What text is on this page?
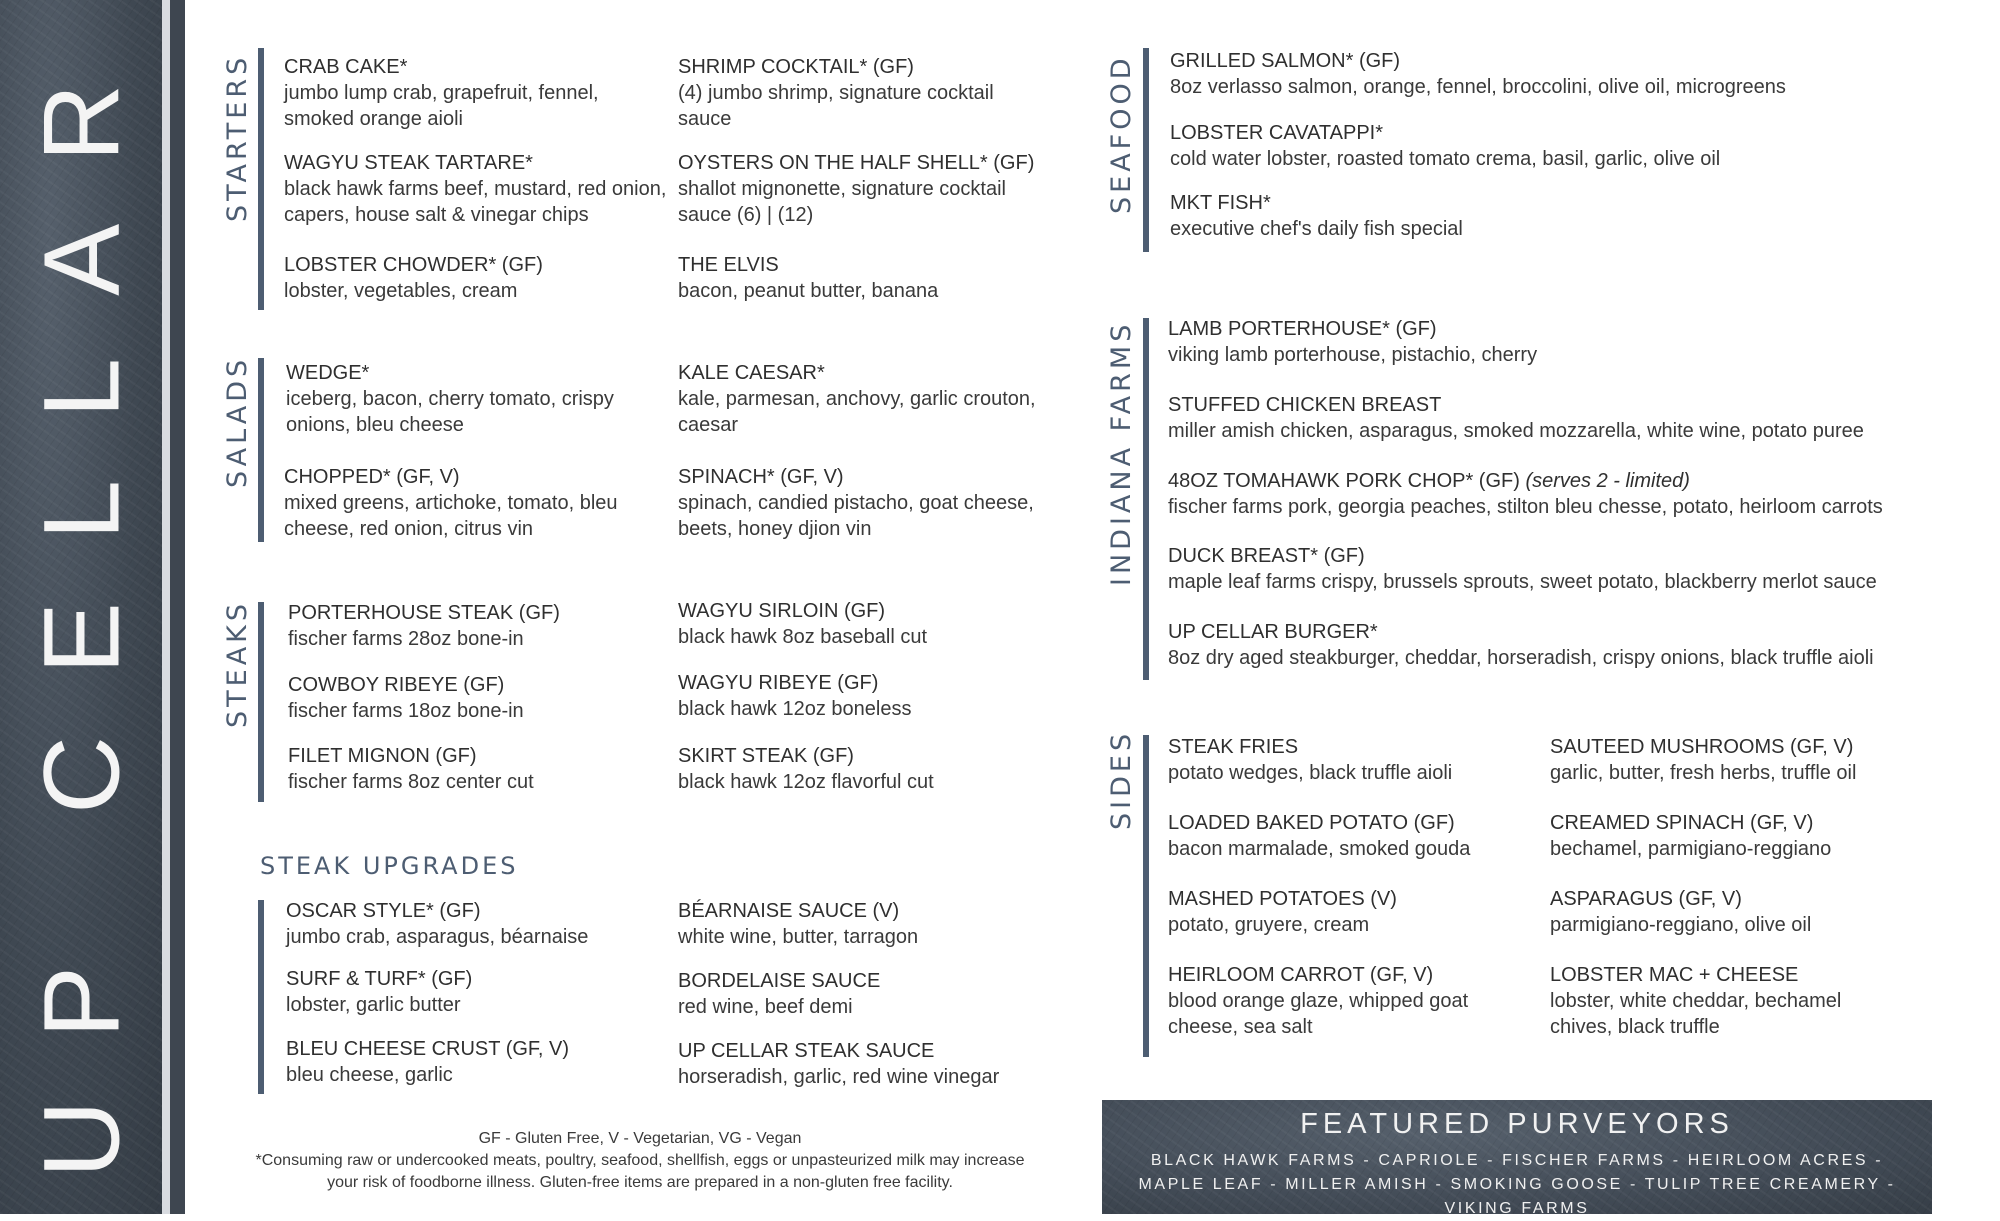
UP CELLAR	STARTERS CRAB CAKE*
jumbo lump crab, grapefruit, fennel, smoked orange aioli
SHRIMP COCKTAIL* (GF)
(4) jumbo shrimp, signature cocktail sauce
WAGYU STEAK TARTARE*
black hawk farms beef, mustard, red onion, capers, house salt & vinegar chips
OYSTERS ON THE HALF SHELL* (GF)
shallot mignonette, signature cocktail sauce (6) | (12)
LOBSTER CHOWDER* (GF)
lobster, vegetables, cream
THE ELVIS
bacon, peanut butter, banana
SALADS WEDGE*
iceberg, bacon, cherry tomato, crispy onions, bleu cheese
KALE CAESAR*
kale, parmesan, anchovy, garlic crouton, caesar
CHOPPED* (GF, V)
mixed greens, artichoke, tomato, bleu cheese, red onion, citrus vin
SPINACH* (GF, V)
spinach, candied pistacho, goat cheese, beets, honey djion vin
STEAKS PORTERHOUSE STEAK (GF)
fischer farms 28oz bone-in
WAGYU SIRLOIN (GF)
black hawk 8oz baseball cut
COWBOY RIBEYE (GF)
fischer farms 18oz bone-in
WAGYU RIBEYE (GF)
black hawk 12oz boneless
FILET MIGNON (GF)
fischer farms 8oz center cut
SKIRT STEAK (GF)
black hawk 12oz flavorful cut
STEAK UPGRADES
OSCAR STYLE* (GF)
jumbo crab, asparagus, béarnaise
BÉARNAISE SAUCE (V)
white wine, butter, tarragon
SURF & TURF* (GF)
lobster, garlic butter
BORDELAISE SAUCE
red wine, beef demi
BLEU CHEESE CRUST (GF, V)
bleu cheese, garlic
UP CELLAR STEAK SAUCE
horseradish, garlic, red wine vinegar
GF - Gluten Free, V - Vegetarian, VG - Vegan
*Consuming raw or undercooked meats, poultry, seafood, shellfish, eggs or unpasteurized milk may increase your risk of foodborne illness. Gluten-free items are prepared in a non-gluten free facility.
SEAFOOD GRILLED SALMON* (GF)
8oz verlasso salmon, orange, fennel, broccolini, olive oil, microgreens
LOBSTER CAVATAPPI*
cold water lobster, roasted tomato crema, basil, garlic, olive oil
MKT FISH*
executive chef's daily fish special
INDIANA FARMS LAMB PORTERHOUSE* (GF)
viking lamb porterhouse, pistachio, cherry
STUFFED CHICKEN BREAST
miller amish chicken, asparagus, smoked mozzarella, white wine, potato puree
48OZ TOMAHAWK PORK CHOP* (GF) (serves 2 - limited)
fischer farms pork, georgia peaches, stilton bleu chesse, potato, heirloom carrots
DUCK BREAST* (GF)
maple leaf farms crispy, brussels sprouts, sweet potato, blackberry merlot sauce
UP CELLAR BURGER*
8oz dry aged steakburger, cheddar, horseradish, crispy onions, black truffle aioli
SIDES STEAK FRIES
potato wedges, black truffle aioli
SAUTEED MUSHROOMS (GF, V)
garlic, butter, fresh herbs, truffle oil
LOADED BAKED POTATO (GF)
bacon marmalade, smoked gouda
CREAMED SPINACH (GF, V)
bechamel, parmigiano-reggiano
MASHED POTATOES (V)
potato, gruyere, cream
ASPARAGUS (GF, V)
parmigiano-reggiano, olive oil
HEIRLOOM CARROT (GF, V)
blood orange glaze, whipped goat cheese, sea salt
LOBSTER MAC + CHEESE
lobster, white cheddar, bechamel chives, black truffle
FEATURED PURVEYORS
BLACK HAWK FARMS - CAPRIOLE - FISCHER FARMS - HEIRLOOM ACRES - MAPLE LEAF - MILLER AMISH - SMOKING GOOSE - TULIP TREE CREAMERY - VIKING FARMS
